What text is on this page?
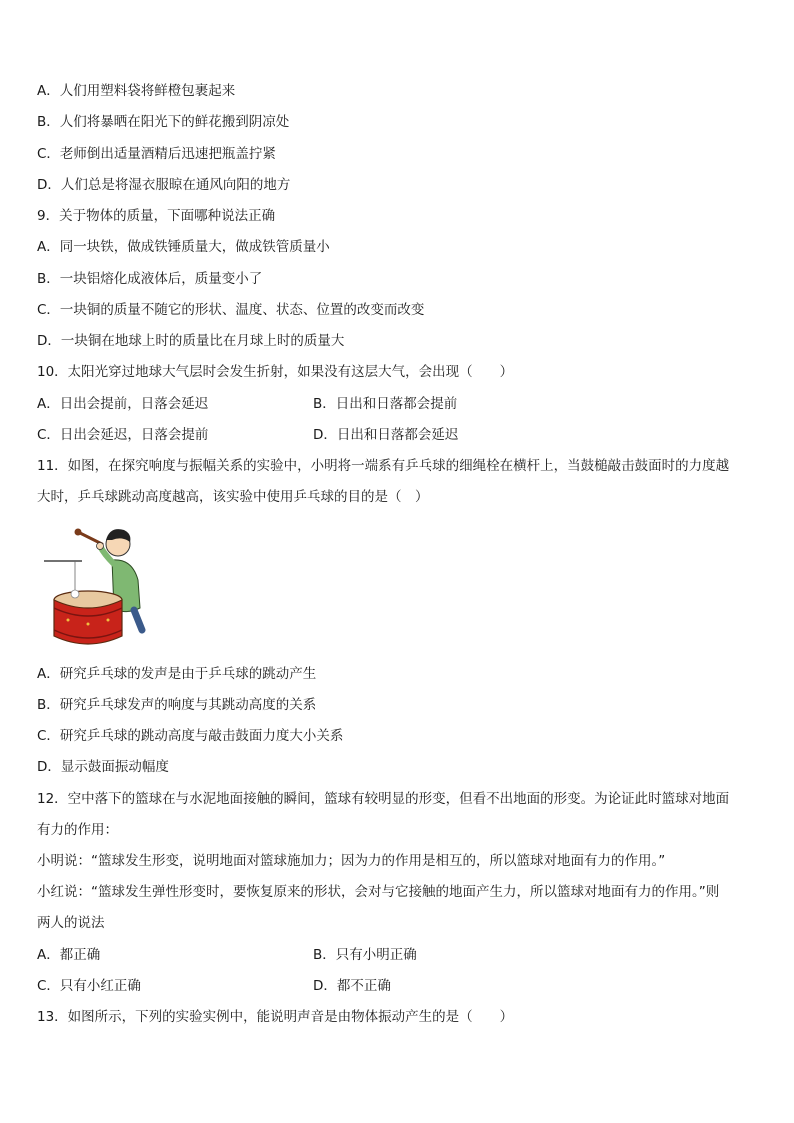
A．人们用塑料袋将鲜橙包裹起来
B．人们将暴晒在阳光下的鲜花搬到阴凉处
C．老师倒出适量酒精后迅速把瓶盖拧紧
D．人们总是将湿衣服晾在通风向阳的地方
9．关于物体的质量，下面哪种说法正确
A．同一块铁，做成铁锤质量大，做成铁管质量小
B．一块铝熔化成液体后，质量变小了
C．一块铜的质量不随它的形状、温度、状态、位置的改变而改变
D．一块铜在地球上时的质量比在月球上时的质量大
10．太阳光穿过地球大气层时会发生折射，如果没有这层大气，会出现（　　）
A．日出会提前，日落会延迟	B．日出和日落都会提前
C．日出会延迟，日落会提前	D．日出和日落都会延迟
11．如图，在探究响度与振幅关系的实验中，小明将一端系有乒乓球的细绳栓在横杆上，当鼓槌敲击鼓面时的力度越
大时，乒乓球跳动高度越高，该实验中使用乒乓球的目的是（　）
A．研究乒乓球的发声是由于乒乓球的跳动产生
B．研究乒乓球发声的响度与其跳动高度的关系
C．研究乒乓球的跳动高度与敲击鼓面力度大小关系
D．显示鼓面振动幅度
12．空中落下的篮球在与水泥地面接触的瞬间，篮球有较明显的形变，但看不出地面的形变。为论证此时篮球对地面
有力的作用：
小明说：“篮球发生形变，说明地面对篮球施加力；因为力的作用是相互的，所以篮球对地面有力的作用。”
小红说：“篮球发生弹性形变时，要恢复原来的形状，会对与它接触的地面产生力，所以篮球对地面有力的作用。”则
两人的说法
A．都正确	B．只有小明正确
C．只有小红正确	D．都不正确
13．如图所示，下列的实验实例中，能说明声音是由物体振动产生的是（　　）
